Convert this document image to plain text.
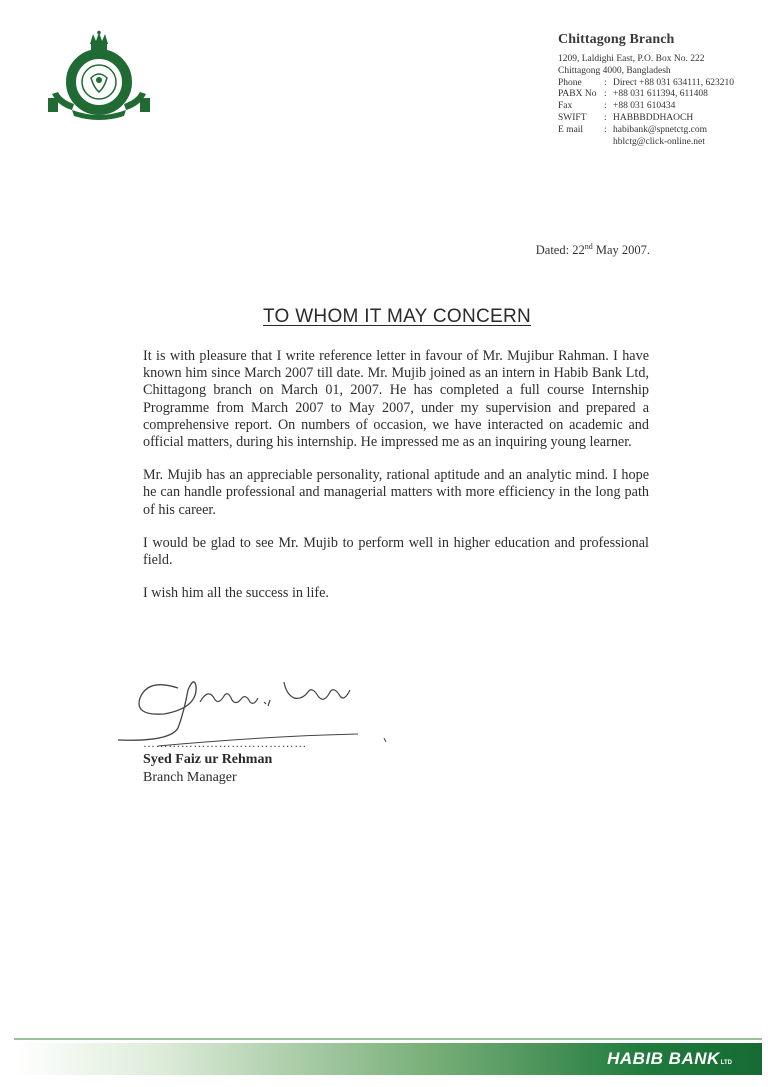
Chittagong Branch
1209, Laldighi East, P.O. Box No. 222
Chittagong 4000, Bangladesh
Phone	: Direct +88 031 634111, 623210
PABX No : +88 031 611394, 611408
Fax	: +88 031 610434
SWIFT	: HABBBDDHAOCH
E mail	: habibank@spnetctg.com
hblctg@click-online.net
Dated: 22nd May 2007.
TO WHOM IT MAY CONCERN

It is with pleasure that I write reference letter in favour of Mr. Mujibur Rahman. I have known him since March 2007 till date. Mr. Mujib joined as an intern in Habib Bank Ltd, Chittagong branch on March 01, 2007. He has completed a full course Internship Programme from March 2007 to May 2007, under my supervision and prepared a comprehensive report. On numbers of occasion, we have interacted on academic and official matters, during his internship. He impressed me as an inquiring young learner.

Mr. Mujib has an appreciable personality, rational aptitude and an analytic mind. I hope he can handle professional and managerial matters with more efficiency in the long path of his career.

I would be glad to see Mr. Mujib to perform well in higher education and professional field.

I wish him all the success in life.

…………………………………
Syed Faiz ur Rehman
Branch Manager
HABIB BANKLTD
